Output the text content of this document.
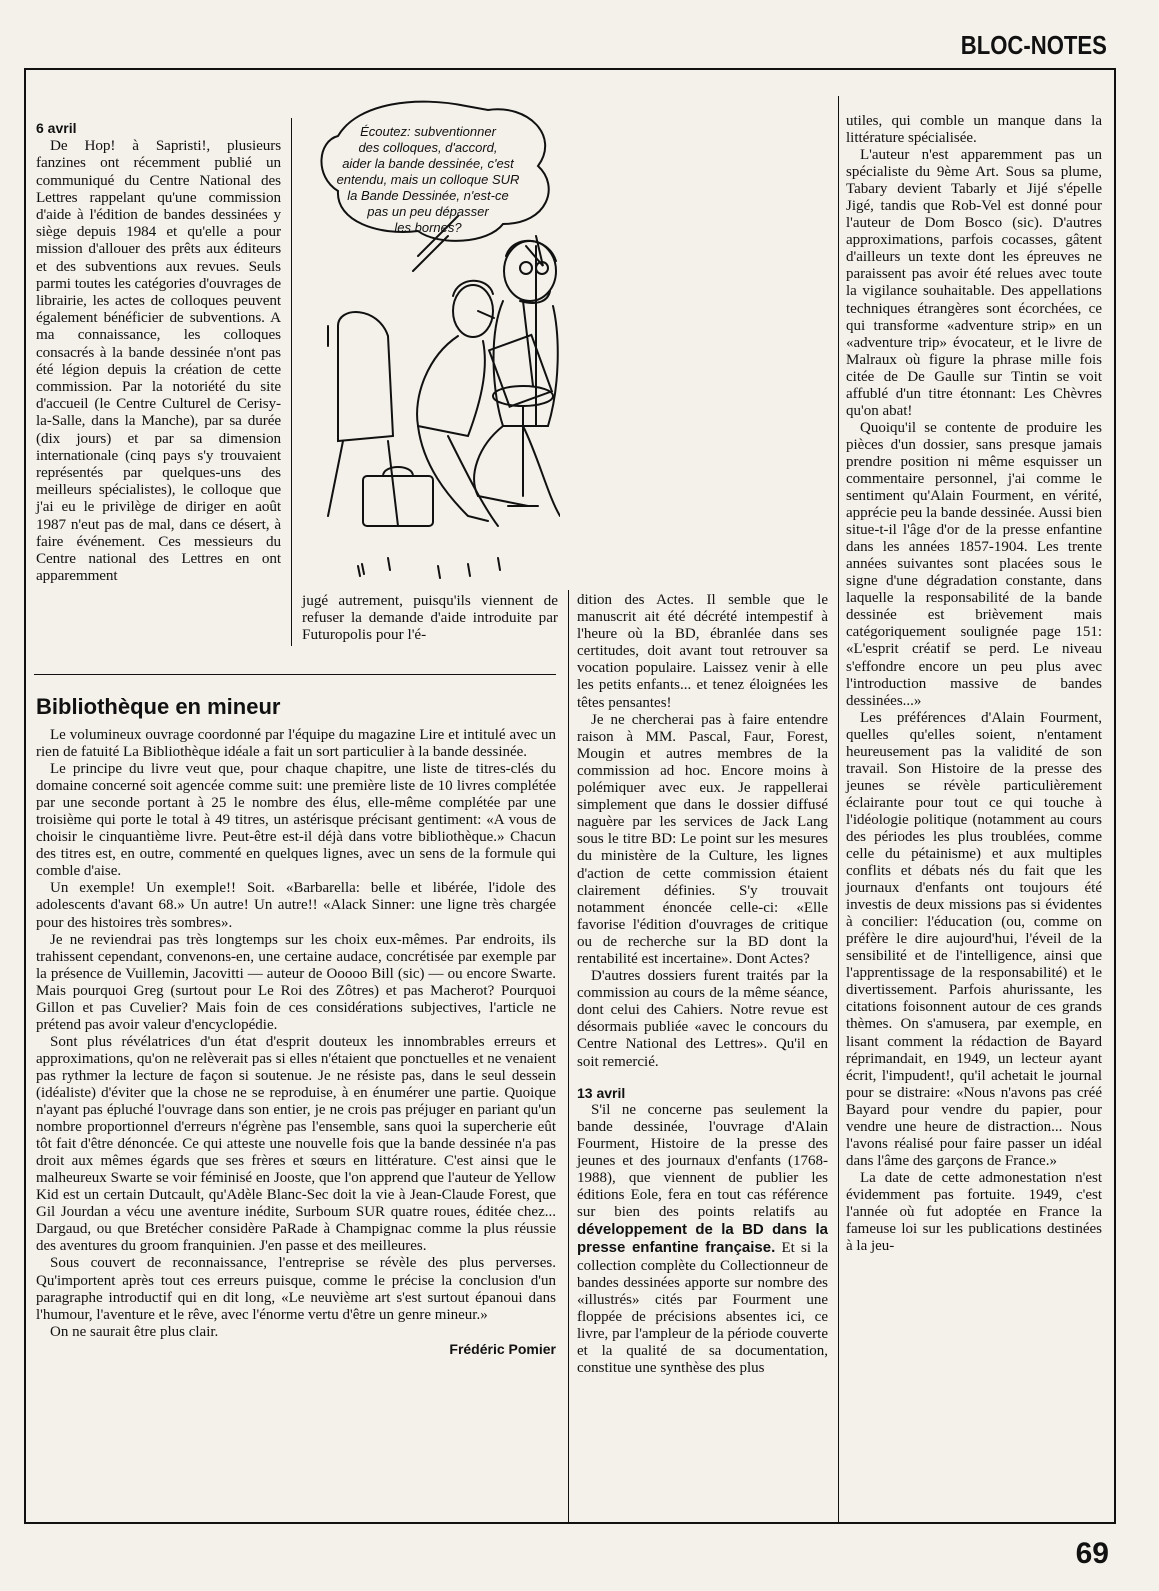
BLOC-NOTES
6 avril

De Hop! à Sapristi!, plusieurs fanzines ont récemment publié un communiqué du Centre National des Lettres rappelant qu'une commission d'aide à l'édition de bandes dessinées y siège depuis 1984 et qu'elle a pour mission d'allouer des prêts aux éditeurs et des subventions aux revues. Seuls parmi toutes les catégories d'ouvrages de librairie, les actes de colloques peuvent également bénéficier de subventions. A ma connaissance, les colloques consacrés à la bande dessinée n'ont pas été légion depuis la création de cette commission. Par la notoriété du site d'accueil (le Centre Culturel de Cerisy-la-Salle, dans la Manche), par sa durée (dix jours) et par sa dimension internationale (cinq pays s'y trouvaient représentés par quelques-uns des meilleurs spécialistes), le colloque que j'ai eu le privilège de diriger en août 1987 n'eut pas de mal, dans ce désert, à faire événement. Ces messieurs du Centre national des Lettres en ont apparemment

Écoutez: subventionner
des colloques, d'accord,
aider la bande dessinée, c'est
entendu, mais un colloque SUR
la Bande Dessinée, n'est-ce
pas un peu dépasser
les bornes?

jugé autrement, puisqu'ils viennent de refuser la demande d'aide introduite par Futuropolis pour l'é-

Bibliothèque en mineur

Le volumineux ouvrage coordonné par l'équipe du magazine Lire et intitulé avec un rien de fatuité La Bibliothèque idéale a fait un sort particulier à la bande dessinée.

Le principe du livre veut que, pour chaque chapitre, une liste de titres-clés du domaine concerné soit agencée comme suit: une première liste de 10 livres complétée par une seconde portant à 25 le nombre des élus, elle-même complétée par une troisième qui porte le total à 49 titres, un astérisque précisant gentiment: «A vous de choisir le cinquantième livre. Peut-être est-il déjà dans votre bibliothèque.» Chacun des titres est, en outre, commenté en quelques lignes, avec un sens de la formule qui comble d'aise.

Un exemple! Un exemple!! Soit. «Barbarella: belle et libérée, l'idole des adolescents d'avant 68.» Un autre! Un autre!! «Alack Sinner: une ligne très chargée pour des histoires très sombres».

Je ne reviendrai pas très longtemps sur les choix eux-mêmes. Par endroits, ils trahissent cependant, convenons-en, une certaine audace, concrétisée par exemple par la présence de Vuillemin, Jacovitti — auteur de Ooooo Bill (sic) — ou encore Swarte. Mais pourquoi Greg (surtout pour Le Roi des Zôtres) et pas Macherot? Pourquoi Gillon et pas Cuvelier? Mais foin de ces considérations subjectives, l'article ne prétend pas avoir valeur d'encyclopédie.

Sont plus révélatrices d'un état d'esprit douteux les innombrables erreurs et approximations, qu'on ne relèverait pas si elles n'étaient que ponctuelles et ne venaient pas rythmer la lecture de façon si soutenue. Je ne résiste pas, dans le seul dessein (idéaliste) d'éviter que la chose ne se reproduise, à en énumérer une partie. Quoique n'ayant pas épluché l'ouvrage dans son entier, je ne crois pas préjuger en pariant qu'un nombre proportionnel d'erreurs n'égrène pas l'ensemble, sans quoi la supercherie eût tôt fait d'être dénoncée. Ce qui atteste une nouvelle fois que la bande dessinée n'a pas droit aux mêmes égards que ses frères et sœurs en littérature. C'est ainsi que le malheureux Swarte se voir féminisé en Jooste, que l'on apprend que l'auteur de Yellow Kid est un certain Dutcault, qu'Adèle Blanc-Sec doit la vie à Jean-Claude Forest, que Gil Jourdan a vécu une aventure inédite, Surboum SUR quatre roues, éditée chez... Dargaud, ou que Bretécher considère PaRade à Champignac comme la plus réussie des aventures du groom franquinien. J'en passe et des meilleures.

Sous couvert de reconnaissance, l'entreprise se révèle des plus perverses. Qu'importent après tout ces erreurs puisque, comme le précise la conclusion d'un paragraphe introductif qui en dit long, «Le neuvième art s'est surtout épanoui dans l'humour, l'aventure et le rêve, avec l'énorme vertu d'être un genre mineur.»

On ne saurait être plus clair.

Frédéric Pomier

dition des Actes. Il semble que le manuscrit ait été décrété intempestif à l'heure où la BD, ébranlée dans ses certitudes, doit avant tout retrouver sa vocation populaire. Laissez venir à elle les petits enfants... et tenez éloignées les têtes pensantes!

Je ne chercherai pas à faire entendre raison à MM. Pascal, Faur, Forest, Mougin et autres membres de la commission ad hoc. Encore moins à polémiquer avec eux. Je rappellerai simplement que dans le dossier diffusé naguère par les services de Jack Lang sous le titre BD: Le point sur les mesures du ministère de la Culture, les lignes d'action de cette commission étaient clairement définies. S'y trouvait notamment énoncée celle-ci: «Elle favorise l'édition d'ouvrages de critique ou de recherche sur la BD dont la rentabilité est incertaine». Dont Actes?

D'autres dossiers furent traités par la commission au cours de la même séance, dont celui des Cahiers. Notre revue est désormais publiée «avec le concours du Centre National des Lettres». Qu'il en soit remercié.

13 avril

S'il ne concerne pas seulement la bande dessinée, l'ouvrage d'Alain Fourment, Histoire de la presse des jeunes et des journaux d'enfants (1768-1988), que viennent de publier les éditions Eole, fera en tout cas référence sur bien des points relatifs au développement de la BD dans la presse enfantine française. Et si la collection complète du Collectionneur de bandes dessinées apporte sur nombre des «illustrés» cités par Fourment une floppée de précisions absentes ici, ce livre, par l'ampleur de la période couverte et la qualité de sa documentation, constitue une synthèse des plus

utiles, qui comble un manque dans la littérature spécialisée.

L'auteur n'est apparemment pas un spécialiste du 9ème Art. Sous sa plume, Tabary devient Tabarly et Jijé s'épelle Jigé, tandis que Rob-Vel est donné pour l'auteur de Dom Bosco (sic). D'autres approximations, parfois cocasses, gâtent d'ailleurs un texte dont les épreuves ne paraissent pas avoir été relues avec toute la vigilance souhaitable. Des appellations techniques étrangères sont écorchées, ce qui transforme «adventure strip» en un «adventure trip» évocateur, et le livre de Malraux où figure la phrase mille fois citée de De Gaulle sur Tintin se voit affublé d'un titre étonnant: Les Chèvres qu'on abat!

Quoiqu'il se contente de produire les pièces d'un dossier, sans presque jamais prendre position ni même esquisser un commentaire personnel, j'ai comme le sentiment qu'Alain Fourment, en vérité, apprécie peu la bande dessinée. Aussi bien situe-t-il l'âge d'or de la presse enfantine dans les années 1857-1904. Les trente années suivantes sont placées sous le signe d'une dégradation constante, dans laquelle la responsabilité de la bande dessinée est brièvement mais catégoriquement soulignée page 151: «L'esprit créatif se perd. Le niveau s'effondre encore un peu plus avec l'introduction massive de bandes dessinées...»

Les préférences d'Alain Fourment, quelles qu'elles soient, n'entament heureusement pas la validité de son travail. Son Histoire de la presse des jeunes se révèle particulièrement éclairante pour tout ce qui touche à l'idéologie politique (notamment au cours des périodes les plus troublées, comme celle du pétainisme) et aux multiples conflits et débats nés du fait que les journaux d'enfants ont toujours été investis de deux missions pas si évidentes à concilier: l'éducation (ou, comme on préfère le dire aujourd'hui, l'éveil de la sensibilité et de l'intelligence, ainsi que l'apprentissage de la responsabilité) et le divertissement. Parfois ahurissante, les citations foisonnent autour de ces grands thèmes. On s'amusera, par exemple, en lisant comment la rédaction de Bayard réprimandait, en 1949, un lecteur ayant écrit, l'impudent!, qu'il achetait le journal pour se distraire: «Nous n'avons pas créé Bayard pour vendre du papier, pour vendre une heure de distraction... Nous l'avons réalisé pour faire passer un idéal dans l'âme des garçons de France.»

La date de cette admonestation n'est évidemment pas fortuite. 1949, c'est l'année où fut adoptée en France la fameuse loi sur les publications destinées à la jeu-

69
